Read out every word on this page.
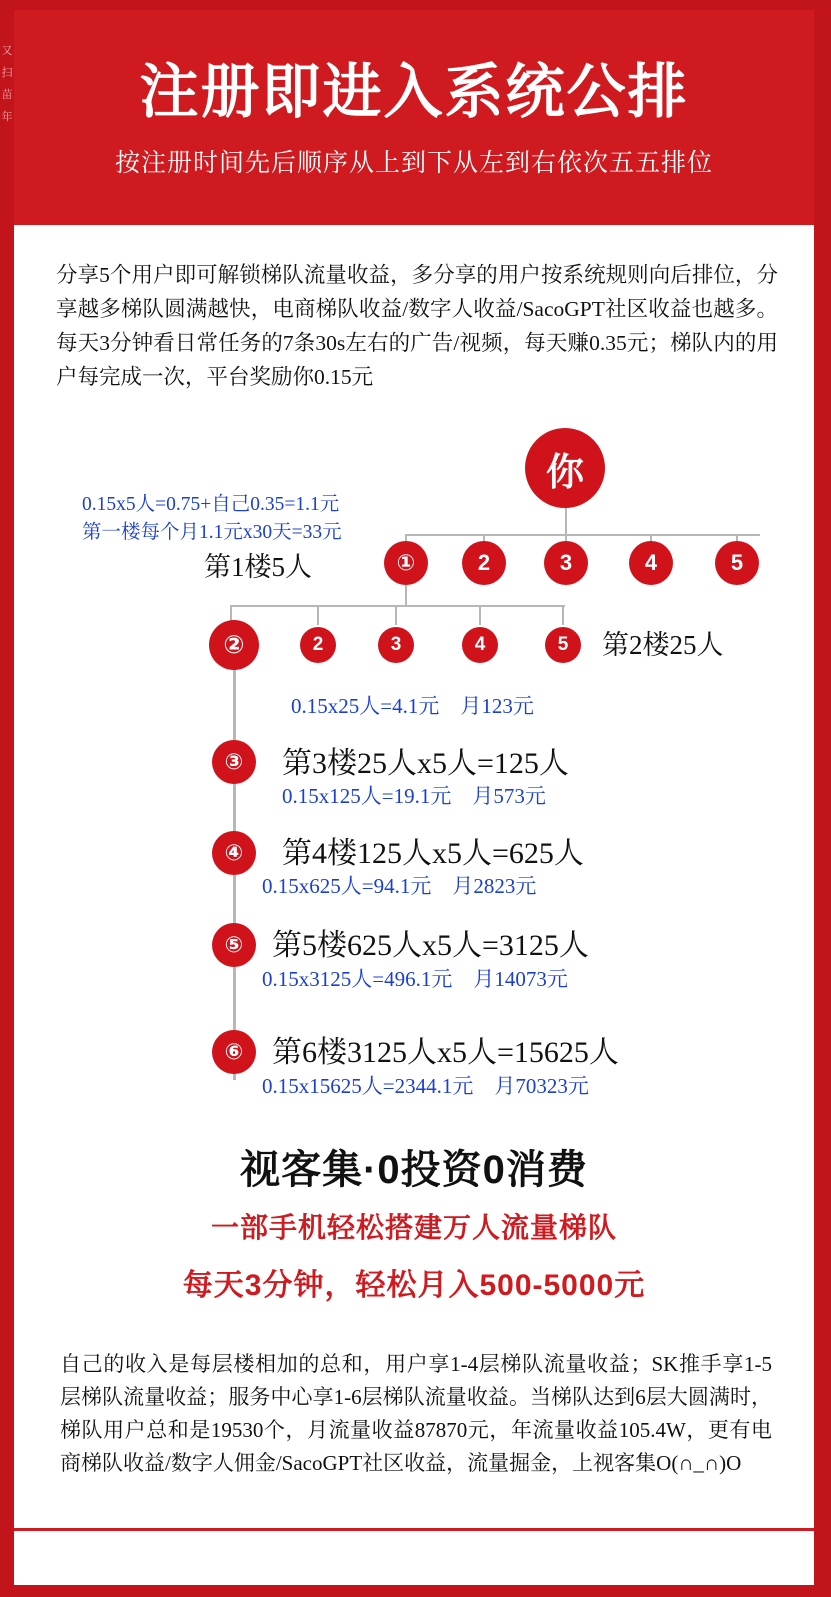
又 扫 苗 年 注册即进入系统公排
按注册时间先后顺序从上到下从左到右依次五五排位
分享5个用户即可解锁梯队流量收益，多分享的用户按系统规则向后排位，分享越多梯队圆满越快，电商梯队收益/数字人收益/SacoGPT社区收益也越多。每天3分钟看日常任务的7条30s左右的广告/视频，每天赚0.35元；梯队内的用户每完成一次，平台奖励你0.15元
你
0.15x5人=0.75+自己0.35=1.1元
第一楼每个月1.1元x30天=33元
第1楼5人	①	2	3	4	5
②	2	3	4	5	第2楼25人
0.15x25人=4.1元　月123元
③	第3楼25人x5人=125人
0.15x125人=19.1元　月573元
④	第4楼125人x5人=625人
0.15x625人=94.1元　月2823元
⑤ 第5楼625人x5人=3125人
0.15x3125人=496.1元　月14073元
⑥ 第6楼3125人x5人=15625人
0.15x15625人=2344.1元　月70323元
视客集·0投资0消费
一部手机轻松搭建万人流量梯队
每天3分钟，轻松月入500-5000元
自己的收入是每层楼相加的总和，用户享1-4层梯队流量收益；SK推手享1-5层梯队流量收益；服务中心享1-6层梯队流量收益。当梯队达到6层大圆满时，梯队用户总和是19530个，月流量收益87870元，年流量收益105.4W，更有电商梯队收益/数字人佣金/SacoGPT社区收益，流量掘金，上视客集O(∩_∩)O
